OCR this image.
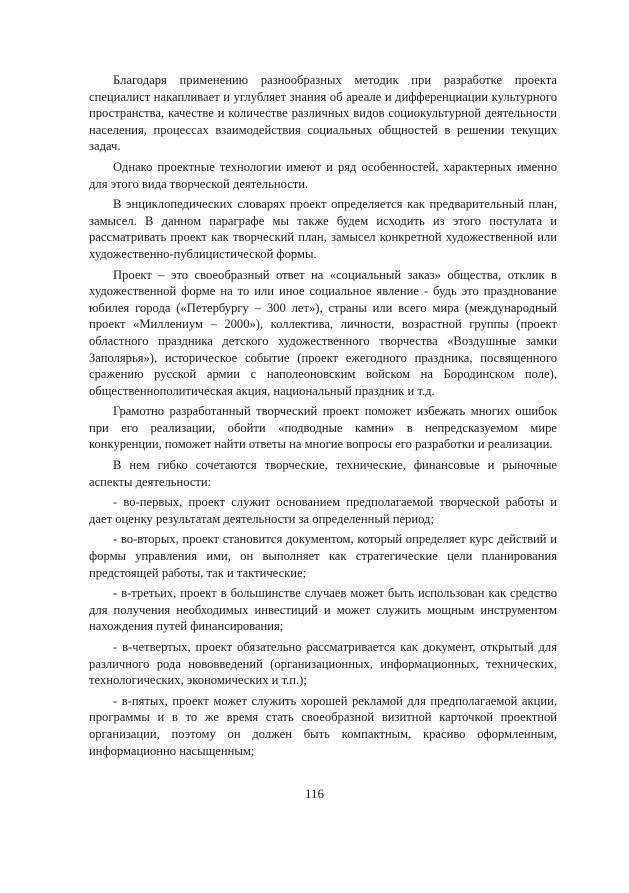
Благодаря применению разнообразных методик при разработке проекта специалист накапливает и углубляет знания об ареале и дифференциации культурного пространства, качестве и количестве различных видов социокультурной деятельности населения, процессах взаимодействия социальных общностей в решении текущих задач.

Однако проектные технологии имеют и ряд особенностей, характерных именно для этого вида творческой деятельности.

В энциклопедических словарях проект определяется как предварительный план, замысел. В данном параграфе мы также будем исходить из этого постулата и рассматривать проект как творческий план, замысел конкретной художественной или художественно-публицистической формы.

Проект – это своеобразный ответ на «социальный заказ» общества, отклик в художественной форме на то или иное социальное явление - будь это празднование юбилея города («Петербургу – 300 лет»), страны или всего мира (международный проект «Миллениум – 2000»), коллектива, личности, возрастной группы (проект областного праздника детского художественного творчества «Воздушные замки Заполярья»), историческое событие (проект ежегодного праздника, посвященного сражению русской армии с наполеоновским войском на Бородинском поле), общественнополитическая акция, национальный праздник и т.д.

Грамотно разработанный творческий проект поможет избежать многих ошибок при его реализации, обойти «подводные камни» в непредсказуемом мире конкуренции, поможет найти ответы на многие вопросы его разработки и реализации.

В нем гибко сочетаются творческие, технические, финансовые и рыночные аспекты деятельности:

- во-первых, проект служит основанием предполагаемой творческой работы и дает оценку результатам деятельности за определенный период;

- во-вторых, проект становится документом, который определяет курс действий и формы управления ими, он выполняет как стратегические цели планирования предстоящей работы, так и тактические;

- в-третьих, проект в большинстве случаев может быть использован как средство для получения необходимых инвестиций и может служить мощным инструментом нахождения путей финансирования;

- в-четвертых, проект обязательно рассматривается как документ, открытый для различного рода нововведений (организационных, информационных, технических, технологических, экономических и т.п.);

- в-пятых, проект может служить хорошей рекламой для предполагаемой акции, программы и в то же время стать своеобразной визитной карточкой проектной организации, поэтому он должен быть компактным, красиво оформленным, информационно насыщенным;

116
